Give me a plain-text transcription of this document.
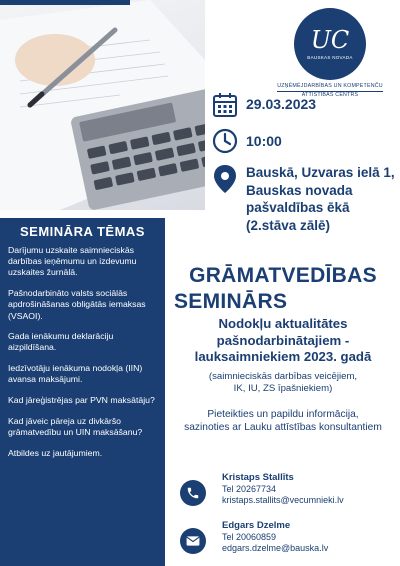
UC
BAUSKAS NOVADA
UZŅĒMĒJDARBĪBAS UN KOMPETENČU
ATTĪSTĪBAS CENTRS
29.03.2023
10:00
Bauskā, Uzvaras ielā 1,
Bauskas novada
pašvaldības ēkā
(2.stāva zālē)
SEMINĀRA TĒMAS
Darījumu uzskaite saimnieciskās darbības ieņēmumu un izdevumu uzskaites žurnālā.
Pašnodarbināto valsts sociālās apdrošināšanas obligātās iemaksas (VSAOI).
Gada ienākumu deklarāciju aizpildīšana.
Iedzīvotāju ienākuma nodokļa (IIN) avansa maksājumi.
Kad jāreģistrējas par PVN maksātāju?
Kad jāveic pāreja uz divkāršo grāmatvedību un UIN maksāšanu?
Atbildes uz jautājumiem.
GRĀMATVEDĪBAS
SEMINĀRS
Nodokļu aktualitātes
pašnodarbinātajiem -
lauksaimniekiem 2023. gadā
(saimnieciskās darbības veicējiem,
IK, IU, ZS īpašniekiem)
Pieteikties un papildu informācija,
sazinoties ar Lauku attīstības konsultantiem
Kristaps Stallīts
Tel 20267734
kristaps.stallits@vecumnieki.lv
Edgars Dzelme
Tel 20060859
edgars.dzelme@bauska.lv
